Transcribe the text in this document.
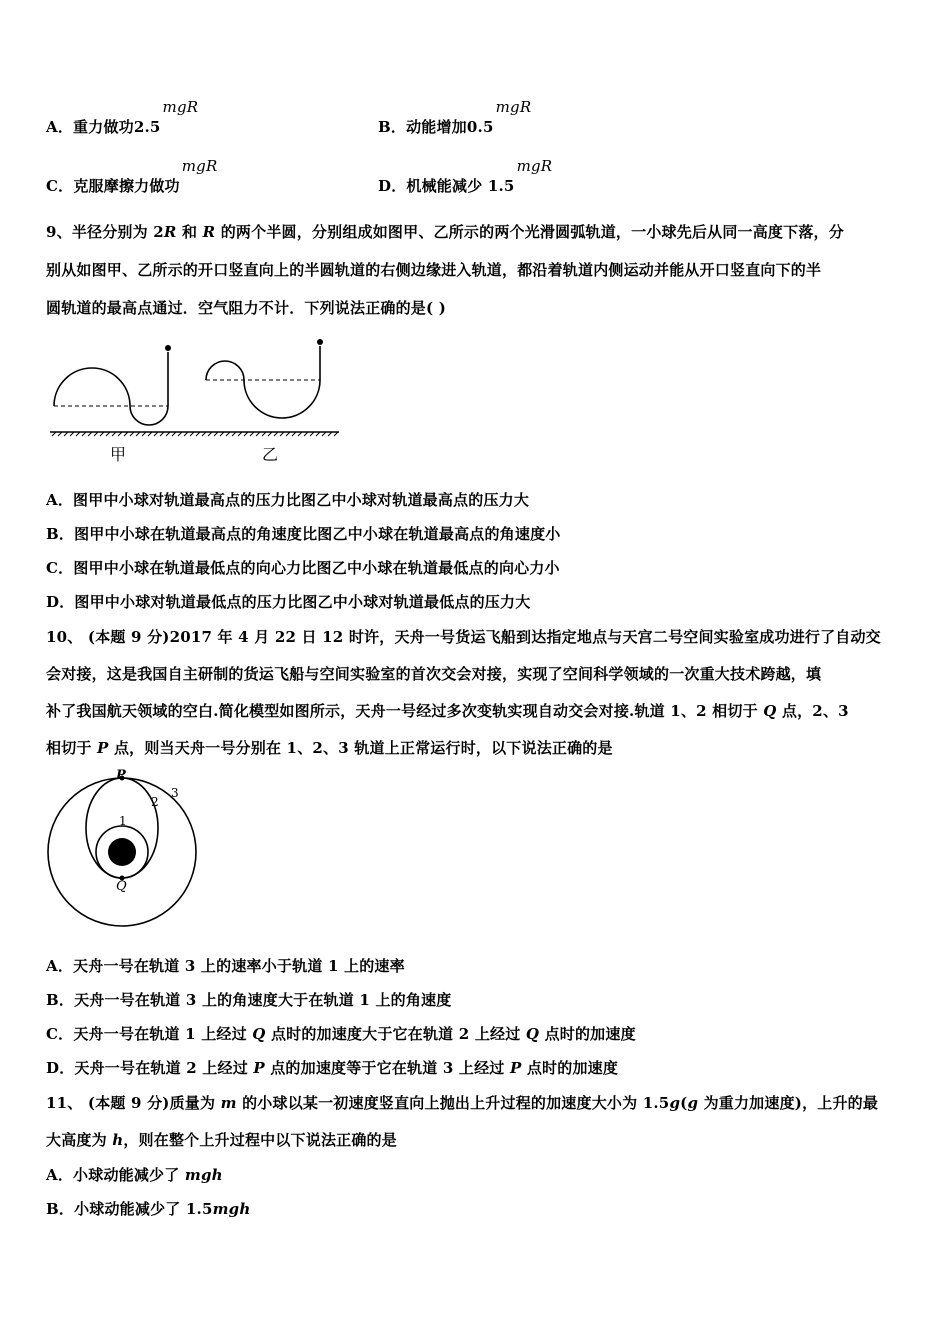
A．重力做功2.5
mgR
B．动能增加0.5
mgR
C．克服摩擦力做功
mgR
D．机械能减少 1.5
mgR
9、半径分别为 2R 和 R 的两个半圆，分别组成如图甲、乙所示的两个光滑圆弧轨道，一小球先后从同一高度下落，分
别从如图甲、乙所示的开口竖直向上的半圆轨道的右侧边缘进入轨道，都沿着轨道内侧运动并能从开口竖直向下的半
圆轨道的最高点通过．空气阻力不计．下列说法正确的是( )
甲	乙
A．图甲中小球对轨道最高点的压力比图乙中小球对轨道最高点的压力大
B．图甲中小球在轨道最高点的角速度比图乙中小球在轨道最高点的角速度小
C．图甲中小球在轨道最低点的向心力比图乙中小球在轨道最低点的向心力小
D．图甲中小球对轨道最低点的压力比图乙中小球对轨道最低点的压力大
10、 (本题 9 分)2017 年 4 月 22 日 12 时许，天舟一号货运飞船到达指定地点与天宫二号空间实验室成功进行了自动交
会对接，这是我国自主研制的货运飞船与空间实验室的首次交会对接，实现了空间科学领域的一次重大技术跨越，填
补了我国航天领域的空白.简化模型如图所示，天舟一号经过多次变轨实现自动交会对接.轨道 1、2 相切于 Q 点，2、3
相切于 P 点，则当天舟一号分别在 1、2、3 轨道上正常运行时，以下说法正确的是
P
Q
1
2
3
A．天舟一号在轨道 3 上的速率小于轨道 1 上的速率
B．天舟一号在轨道 3 上的角速度大于在轨道 1 上的角速度
C．天舟一号在轨道 1 上经过 Q 点时的加速度大于它在轨道 2 上经过 Q 点时的加速度
D．天舟一号在轨道 2 上经过 P 点的加速度等于它在轨道 3 上经过 P 点时的加速度
11、 (本题 9 分)质量为 m 的小球以某一初速度竖直向上抛出上升过程的加速度大小为 1.5g(g 为重力加速度)，上升的最
大高度为 h，则在整个上升过程中以下说法正确的是
A．小球动能减少了 mgh
B．小球动能减少了 1.5mgh
